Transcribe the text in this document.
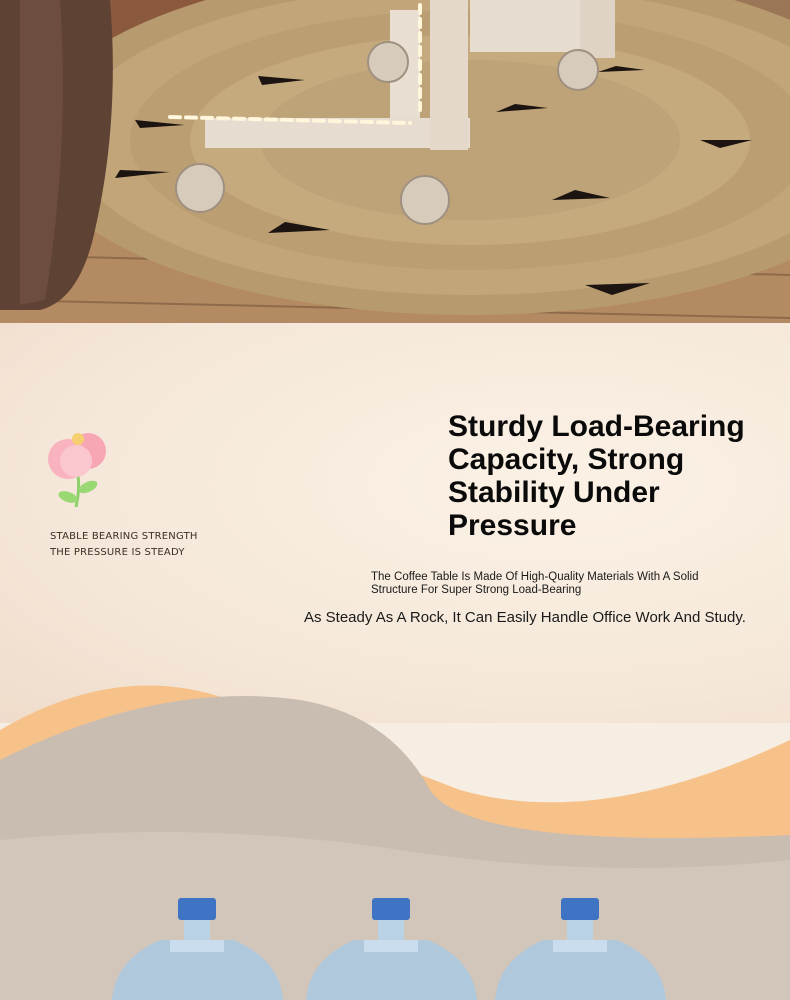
STABLE BEARING STRENGTH
THE PRESSURE IS STEADY
Sturdy Load-Bearing
Capacity, Strong
Stability Under
Pressure

The Coffee Table Is Made Of High-Quality Materials With A Solid Structure For Super Strong Load-Bearing

As Steady As A Rock, It Can Easily Handle Office Work And Study.
